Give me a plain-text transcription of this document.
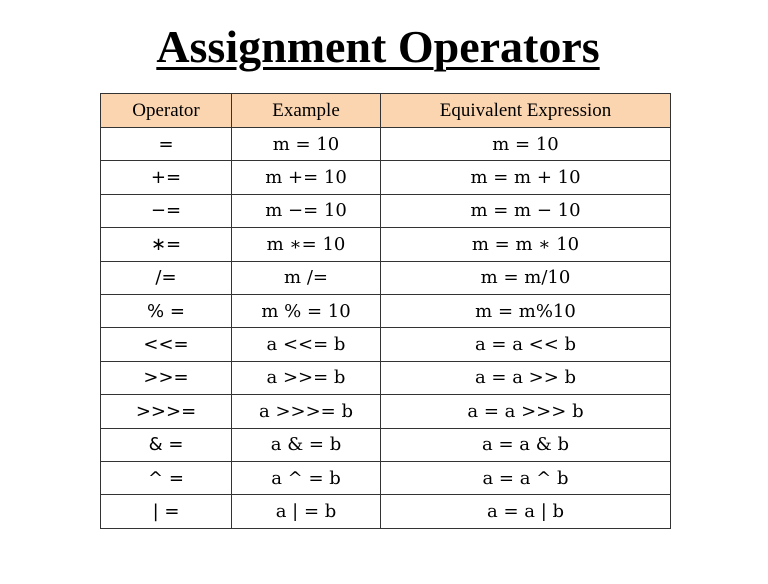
Assignment Operators
Operator	Example	Equivalent Expression
=	m = 10	m = 10
+=	m += 10	m = m + 10
−=	m −= 10	m = m − 10
∗=	m ∗= 10	m = m ∗ 10
/=	m /=	m = m/10
% =	m % = 10	m = m%10
<<=	a <<= b	a = a << b
>>=	a >>= b	a = a >> b
>>>=	a >>>= b	a = a >>> b
& =	a & = b	a = a & b
^ =	a ^ = b	a = a ^ b
| =	a | = b	a = a | b
